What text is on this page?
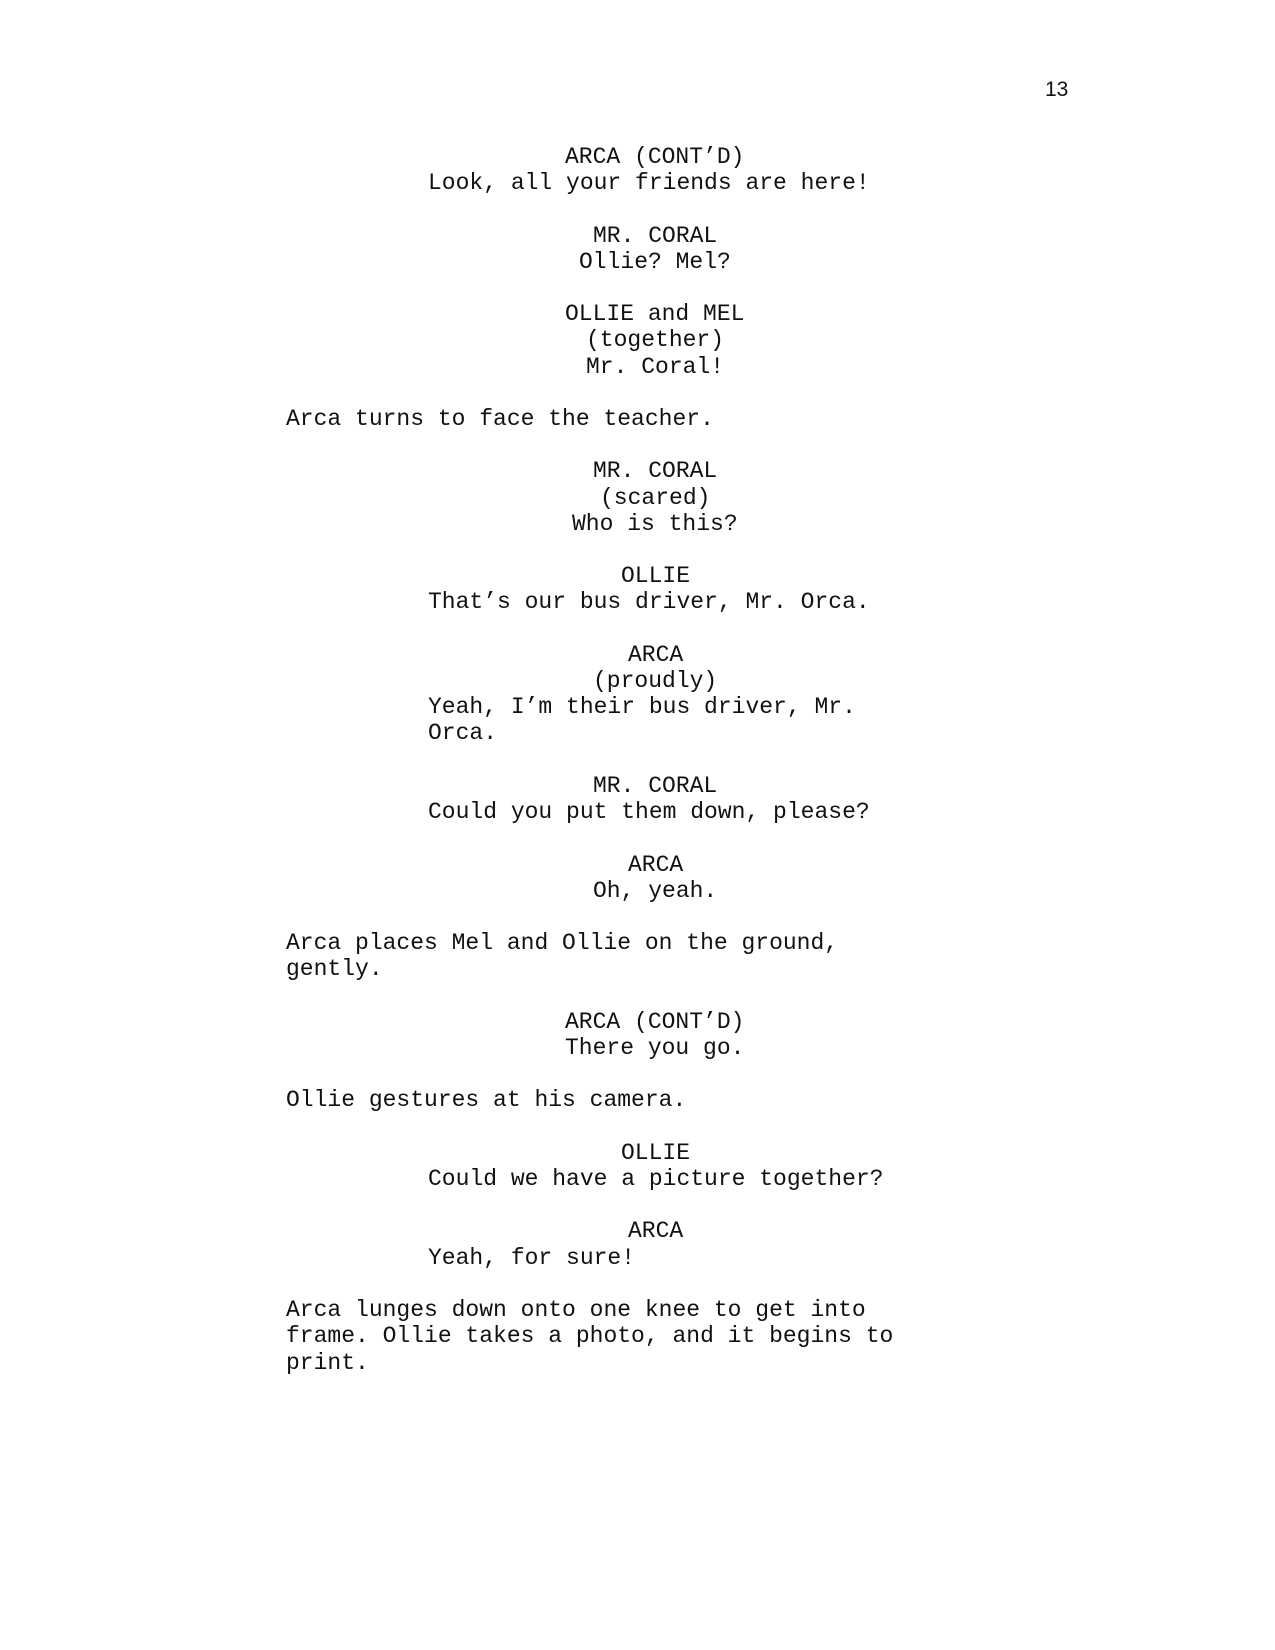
13

ARCA (CONT’D)

Look, all your friends are here!

MR. CORAL

Ollie? Mel?

OLLIE and MEL

(together)

Mr. Coral!

Arca turns to face the teacher.

MR. CORAL

(scared)

Who is this?

OLLIE

That’s our bus driver, Mr. Orca.

ARCA

(proudly)

Yeah, I’m their bus driver, Mr. Orca.

MR. CORAL

Could you put them down, please?

ARCA

Oh, yeah.

Arca places Mel and Ollie on the ground, gently.

ARCA (CONT’D)

There you go.

Ollie gestures at his camera.

OLLIE

Could we have a picture together?

ARCA

Yeah, for sure!

Arca lunges down onto one knee to get into frame. Ollie takes a photo, and it begins to print.
